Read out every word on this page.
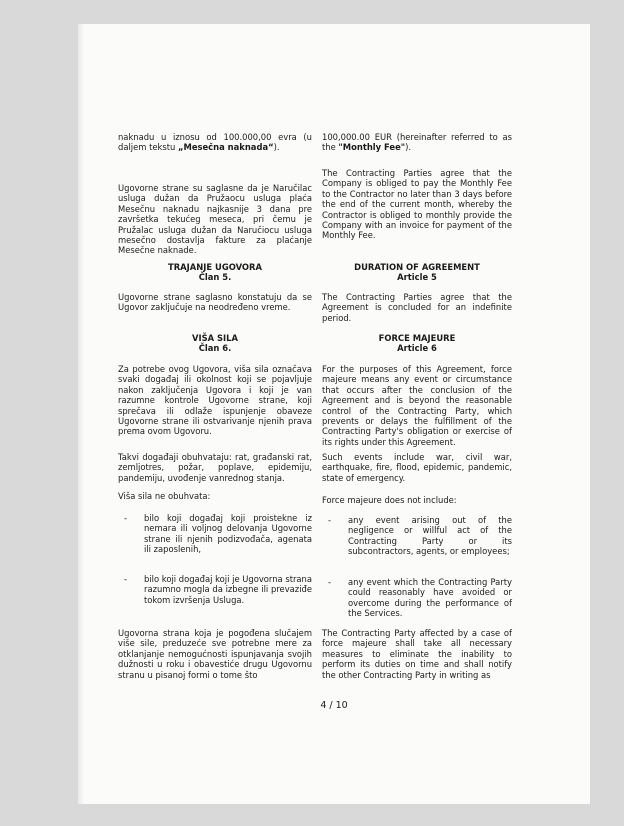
naknadu u iznosu od 100.000,00 evra (u daljem tekstu „Mesečna naknada“).
Ugovorne strane su saglasne da je Naručilac usluga dužan da Pružaocu usluga plaća Mesečnu naknadu najkasnije 3 dana pre završetka tekućeg meseca, pri čemu je Pružalac usluga dužan da Naručiocu usluga mesečno dostavlja fakture za plaćanje Mesečne naknade.
TRAJANJE UGOVORA
Član 5.
Ugovorne strane saglasno konstatuju da se Ugovor zaključuje na neodređeno vreme.
VIŠA SILA
Član 6.
Za potrebe ovog Ugovora, viša sila označava svaki događaj ili okolnost koji se pojavljuje nakon zaključenja Ugovora i koji je van razumne kontrole Ugovorne strane, koji sprečava ili odlaže ispunjenje obaveze Ugovorne strane ili ostvarivanje njenih prava prema ovom Ugovoru.
Takvi događaji obuhvataju: rat, građanski rat, zemljotres, požar, poplave, epidemiju, pandemiju, uvođenje vanrednog stanja.
Viša sila ne obuhvata:
- bilo koji događaj koji proistekne iz nemara ili voljnog delovanja Ugovorne strane ili njenih podizvođača, agenata ili zaposlenih,
- bilo koji događaj koji je Ugovorna strana razumno mogla da izbegne ili prevaziđe tokom izvršenja Usluga.
Ugovorna strana koja je pogođena slučajem više sile, preduzeće sve potrebne mere za otklanjanje nemogućnosti ispunjavanja svojih dužnosti u roku i obavestiće drugu Ugovornu stranu u pisanoj formi o tome što
100,000.00 EUR (hereinafter referred to as the "Monthly Fee").
The Contracting Parties agree that the Company is obliged to pay the Monthly Fee to the Contractor no later than 3 days before the end of the current month, whereby the Contractor is obliged to monthly provide the Company with an invoice for payment of the Monthly Fee.
DURATION OF AGREEMENT
Article 5
The Contracting Parties agree that the Agreement is concluded for an indefinite period.
FORCE MAJEURE
Article 6
For the purposes of this Agreement, force majeure means any event or circumstance that occurs after the conclusion of the Agreement and is beyond the reasonable control of the Contracting Party, which prevents or delays the fulfillment of the Contracting Party's obligation or exercise of its rights under this Agreement.
Such events include war, civil war, earthquake, fire, flood, epidemic, pandemic, state of emergency.
Force majeure does not include:
- any event arising out of the negligence or willful act of the Contracting Party or its subcontractors, agents, or employees;
- any event which the Contracting Party could reasonably have avoided or overcome during the performance of the Services.
The Contracting Party affected by a case of force majeure shall take all necessary measures to eliminate the inability to perform its duties on time and shall notify the other Contracting Party in writing as
4 / 10
